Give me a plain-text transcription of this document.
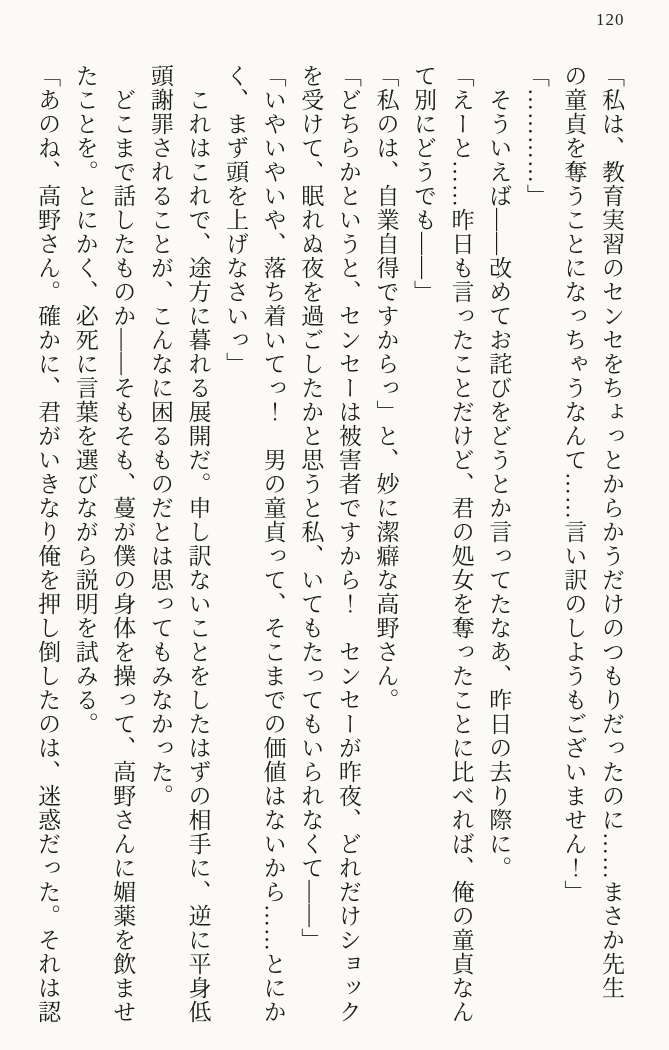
120

「私は、教育実習のセンセをちょっとからかうだけのつもりだったのに……まさか先生

の童貞を奪うことになっちゃうなんて……言い訳のしようもございません！」

「…………」

　そういえば――改めてお詫びをどうとか言ってたなあ、昨日の去り際に。

「えーと……昨日も言ったことだけど、君の処女を奪ったことに比べれば、俺の童貞なん

て別にどうでも――」

「私のは、自業自得ですからっ」と、妙に潔癖な高野さん。

「どちらかというと、センセーは被害者ですから！　センセーが昨夜、どれだけショック

を受けて、眠れぬ夜を過ごしたかと思うと私、いてもたってもいられなくて――」

「いやいやいや、落ち着いてっ！　男の童貞って、そこまでの価値はないから……とにか

く、まず頭を上げなさいっ」

　これはこれで、途方に暮れる展開だ。申し訳ないことをしたはずの相手に、逆に平身低

頭謝罪されることが、こんなに困るものだとは思ってもみなかった。

　どこまで話したものか――そもそも、蔓が僕の身体を操って、高野さんに媚薬を飲ませ

たことを。とにかく、必死に言葉を選びながら説明を試みる。

「あのね、高野さん。確かに、君がいきなり俺を押し倒したのは、迷惑だった。それは認
